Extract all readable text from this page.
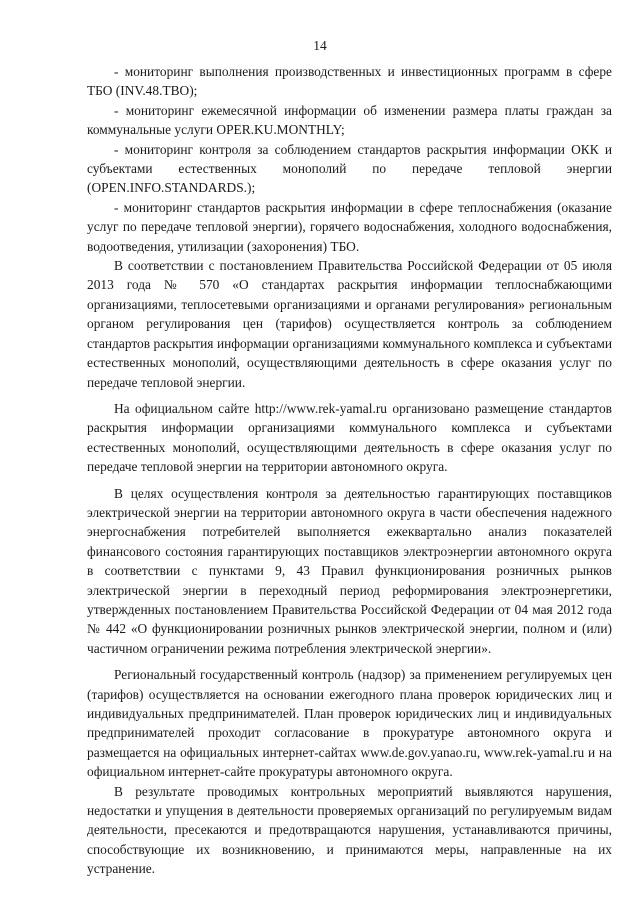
14

- мониторинг выполнения производственных и инвестиционных программ в сфере ТБО (INV.48.ТВО);

- мониторинг ежемесячной информации об изменении размера платы граждан за коммунальные услуги OPER.KU.MONTHLY;

- мониторинг контроля за соблюдением стандартов раскрытия информации ОКК и субъектами естественных монополий по передаче тепловой энергии (OPEN.INFO.STANDARDS.);

- мониторинг стандартов раскрытия информации в сфере теплоснабжения (оказание услуг по передаче тепловой энергии), горячего водоснабжения, холодного водоснабжения, водоотведения, утилизации (захоронения) ТБО.

В соответствии с постановлением Правительства Российской Федерации от 05 июля 2013 года № 570 «О стандартах раскрытия информации теплоснабжающими организациями, теплосетевыми организациями и органами регулирования» региональным органом регулирования цен (тарифов) осуществляется контроль за соблюдением стандартов раскрытия информации организациями коммунального комплекса и субъектами естественных монополий, осуществляющими деятельность в сфере оказания услуг по передаче тепловой энергии.

На официальном сайте http://www.rek-yamal.ru организовано размещение стандартов раскрытия информации организациями коммунального комплекса и субъектами естественных монополий, осуществляющими деятельность в сфере оказания услуг по передаче тепловой энергии на территории автономного округа.

В целях осуществления контроля за деятельностью гарантирующих поставщиков электрической энергии на территории автономного округа в части обеспечения надежного энергоснабжения потребителей выполняется ежеквартально анализ показателей финансового состояния гарантирующих поставщиков электроэнергии автономного округа в соответствии с пунктами 9, 43 Правил функционирования розничных рынков электрической энергии в переходный период реформирования электроэнергетики, утвержденных постановлением Правительства Российской Федерации от 04 мая 2012 года № 442 «О функционировании розничных рынков электрической энергии, полном и (или) частичном ограничении режима потребления электрической энергии».

Региональный государственный контроль (надзор) за применением регулируемых цен (тарифов) осуществляется на основании ежегодного плана проверок юридических лиц и индивидуальных предпринимателей. План проверок юридических лиц и индивидуальных предпринимателей проходит согласование в прокуратуре автономного округа и размещается на официальных интернет-сайтах www.de.gov.yanao.ru, www.rek-yamal.ru и на официальном интернет-сайте прокуратуры автономного округа.

В результате проводимых контрольных мероприятий выявляются нарушения, недостатки и упущения в деятельности проверяемых организаций по регулируемым видам деятельности, пресекаются и предотвращаются нарушения, устанавливаются причины, способствующие их возникновению, и принимаются меры, направленные на их устранение.
